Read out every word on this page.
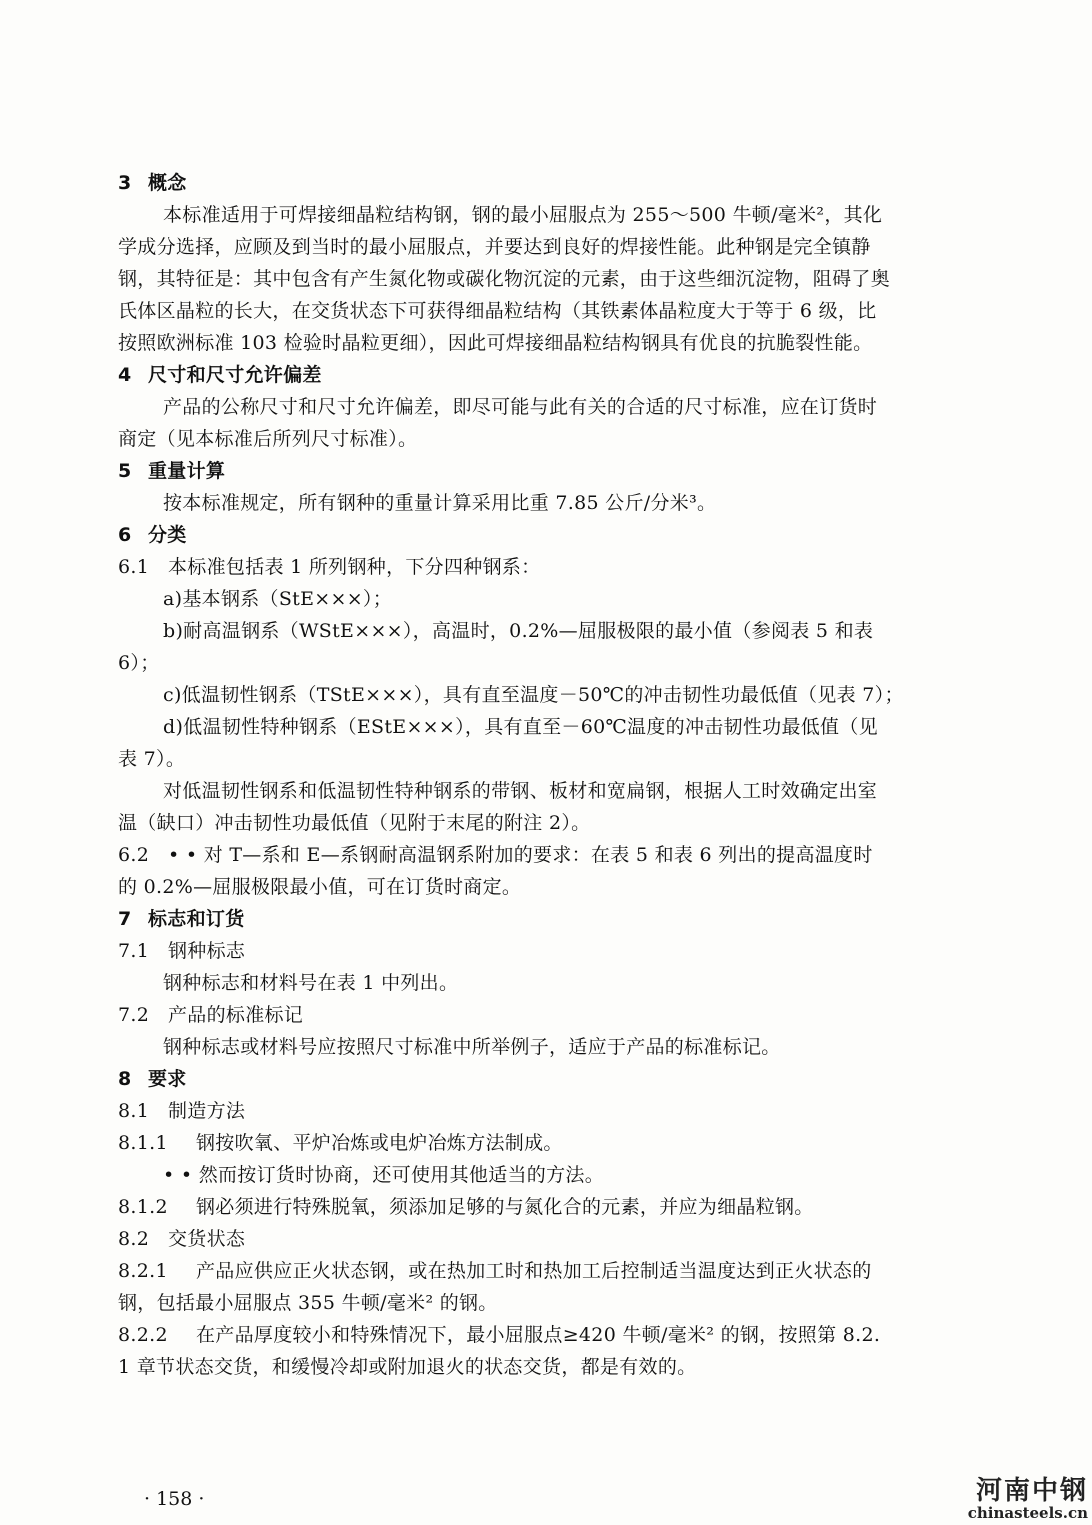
3 概念
本标准适用于可焊接细晶粒结构钢，钢的最小屈服点为 255～500 牛顿/毫米²，其化
学成分选择，应顾及到当时的最小屈服点，并要达到良好的焊接性能。此种钢是完全镇静
钢，其特征是：其中包含有产生氮化物或碳化物沉淀的元素，由于这些细沉淀物，阻碍了奥
氏体区晶粒的长大，在交货状态下可获得细晶粒结构（其铁素体晶粒度大于等于 6 级，比
按照欧洲标准 103 检验时晶粒更细），因此可焊接细晶粒结构钢具有优良的抗脆裂性能。
4 尺寸和尺寸允许偏差
产品的公称尺寸和尺寸允许偏差，即尽可能与此有关的合适的尺寸标准，应在订货时
商定（见本标准后所列尺寸标准）。
5 重量计算
按本标准规定，所有钢种的重量计算采用比重 7.85 公斤/分米³。
6 分类
6.1 本标准包括表 1 所列钢种，下分四种钢系：
a)基本钢系（StE×××）；
b)耐高温钢系（WStE×××），高温时，0.2%—屈服极限的最小值（参阅表 5 和表
6）；
c)低温韧性钢系（TStE×××），具有直至温度－50℃的冲击韧性功最低值（见表 7）；
d)低温韧性特种钢系（EStE×××），具有直至－60℃温度的冲击韧性功最低值（见
表 7）。
对低温韧性钢系和低温韧性特种钢系的带钢、板材和宽扁钢，根据人工时效确定出室
温（缺口）冲击韧性功最低值（见附于末尾的附注 2）。
6.2 • • 对 T—系和 E—系钢耐高温钢系附加的要求：在表 5 和表 6 列出的提高温度时
的 0.2%—屈服极限最小值，可在订货时商定。
7 标志和订货
7.1 钢种标志
钢种标志和材料号在表 1 中列出。
7.2 产品的标准标记
钢种标志或材料号应按照尺寸标准中所举例子，适应于产品的标准标记。
8 要求
8.1 制造方法
8.1.1 钢按吹氧、平炉冶炼或电炉冶炼方法制成。
• • 然而按订货时协商，还可使用其他适当的方法。
8.1.2 钢必须进行特殊脱氧，须添加足够的与氮化合的元素，并应为细晶粒钢。
8.2 交货状态
8.2.1 产品应供应正火状态钢，或在热加工时和热加工后控制适当温度达到正火状态的
钢，包括最小屈服点 355 牛顿/毫米² 的钢。
8.2.2 在产品厚度较小和特殊情况下，最小屈服点≥420 牛顿/毫米² 的钢，按照第 8.2.
1 章节状态交货，和缓慢冷却或附加退火的状态交货，都是有效的。
· 158 ·	河南中钢
chinasteels.cn
